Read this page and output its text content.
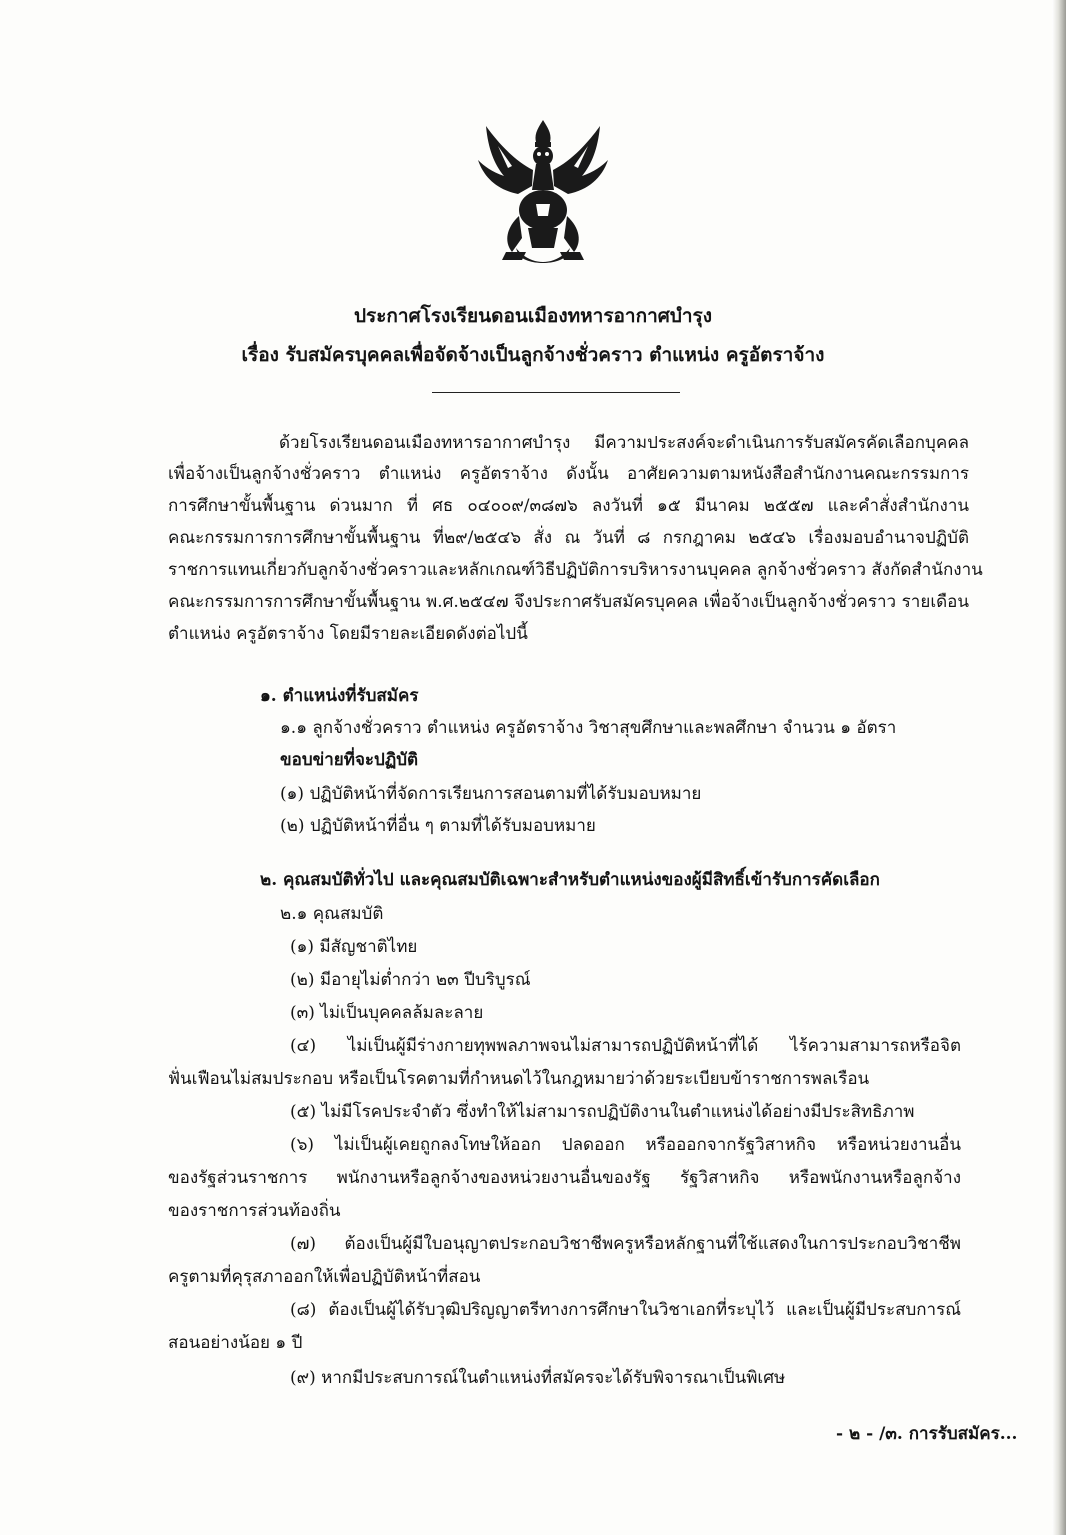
ประกาศโรงเรียนดอนเมืองทหารอากาศบำรุง
เรื่อง รับสมัครบุคคลเพื่อจัดจ้างเป็นลูกจ้างชั่วคราว ตำแหน่ง ครูอัตราจ้าง
ด้วยโรงเรียนดอนเมืองทหารอากาศบำรุง มีความประสงค์จะดำเนินการรับสมัครคัดเลือกบุคคล
เพื่อจ้างเป็นลูกจ้างชั่วคราว ตำแหน่ง ครูอัตราจ้าง ดังนั้น อาศัยความตามหนังสือสำนักงานคณะกรรมการ
การศึกษาขั้นพื้นฐาน ด่วนมาก ที่ ศธ ๐๔๐๐๙/๓๘๗๖ ลงวันที่ ๑๕ มีนาคม ๒๕๕๗ และคำสั่งสำนักงาน
คณะกรรมการการศึกษาขั้นพื้นฐาน ที่๒๙/๒๕๔๖ สั่ง ณ วันที่ ๘ กรกฎาคม ๒๕๔๖ เรื่องมอบอำนาจปฏิบัติ
ราชการแทนเกี่ยวกับลูกจ้างชั่วคราวและหลักเกณฑ์วิธีปฏิบัติการบริหารงานบุคคล ลูกจ้างชั่วคราว สังกัดสำนักงาน
คณะกรรมการการศึกษาขั้นพื้นฐาน พ.ศ.๒๕๔๗ จึงประกาศรับสมัครบุคคล เพื่อจ้างเป็นลูกจ้างชั่วคราว รายเดือน
ตำแหน่ง ครูอัตราจ้าง โดยมีรายละเอียดดังต่อไปนี้
๑. ตำแหน่งที่รับสมัคร
๑.๑ ลูกจ้างชั่วคราว ตำแหน่ง ครูอัตราจ้าง วิชาสุขศึกษาและพลศึกษา จำนวน ๑ อัตรา
ขอบข่ายที่จะปฏิบัติ
(๑) ปฏิบัติหน้าที่จัดการเรียนการสอนตามที่ได้รับมอบหมาย
(๒) ปฏิบัติหน้าที่อื่น ๆ ตามที่ได้รับมอบหมาย
๒. คุณสมบัติทั่วไป และคุณสมบัติเฉพาะสำหรับตำแหน่งของผู้มีสิทธิ์เข้ารับการคัดเลือก
๒.๑ คุณสมบัติ
(๑) มีสัญชาติไทย
(๒) มีอายุไม่ต่ำกว่า ๒๓ ปีบริบูรณ์
(๓) ไม่เป็นบุคคลล้มละลาย
(๔) ไม่เป็นผู้มีร่างกายทุพพลภาพจนไม่สามารถปฏิบัติหน้าที่ได้ ไร้ความสามารถหรือจิต
ฟั่นเฟือนไม่สมประกอบ หรือเป็นโรคตามที่กำหนดไว้ในกฎหมายว่าด้วยระเบียบข้าราชการพลเรือน
(๕) ไม่มีโรคประจำตัว ซึ่งทำให้ไม่สามารถปฏิบัติงานในตำแหน่งได้อย่างมีประสิทธิภาพ
(๖) ไม่เป็นผู้เคยถูกลงโทษให้ออก ปลดออก หรือออกจากรัฐวิสาหกิจ หรือหน่วยงานอื่น
ของรัฐส่วนราชการ พนักงานหรือลูกจ้างของหน่วยงานอื่นของรัฐ รัฐวิสาหกิจ หรือพนักงานหรือลูกจ้าง
ของราชการส่วนท้องถิ่น
(๗) ต้องเป็นผู้มีใบอนุญาตประกอบวิชาชีพครูหรือหลักฐานที่ใช้แสดงในการประกอบวิชาชีพ
ครูตามที่คุรุสภาออกให้เพื่อปฏิบัติหน้าที่สอน
(๘) ต้องเป็นผู้ได้รับวุฒิปริญญาตรีทางการศึกษาในวิชาเอกที่ระบุไว้ และเป็นผู้มีประสบการณ์
สอนอย่างน้อย ๑ ปี
(๙) หากมีประสบการณ์ในตำแหน่งที่สมัครจะได้รับพิจารณาเป็นพิเศษ
- ๒ - /๓. การรับสมัคร...
